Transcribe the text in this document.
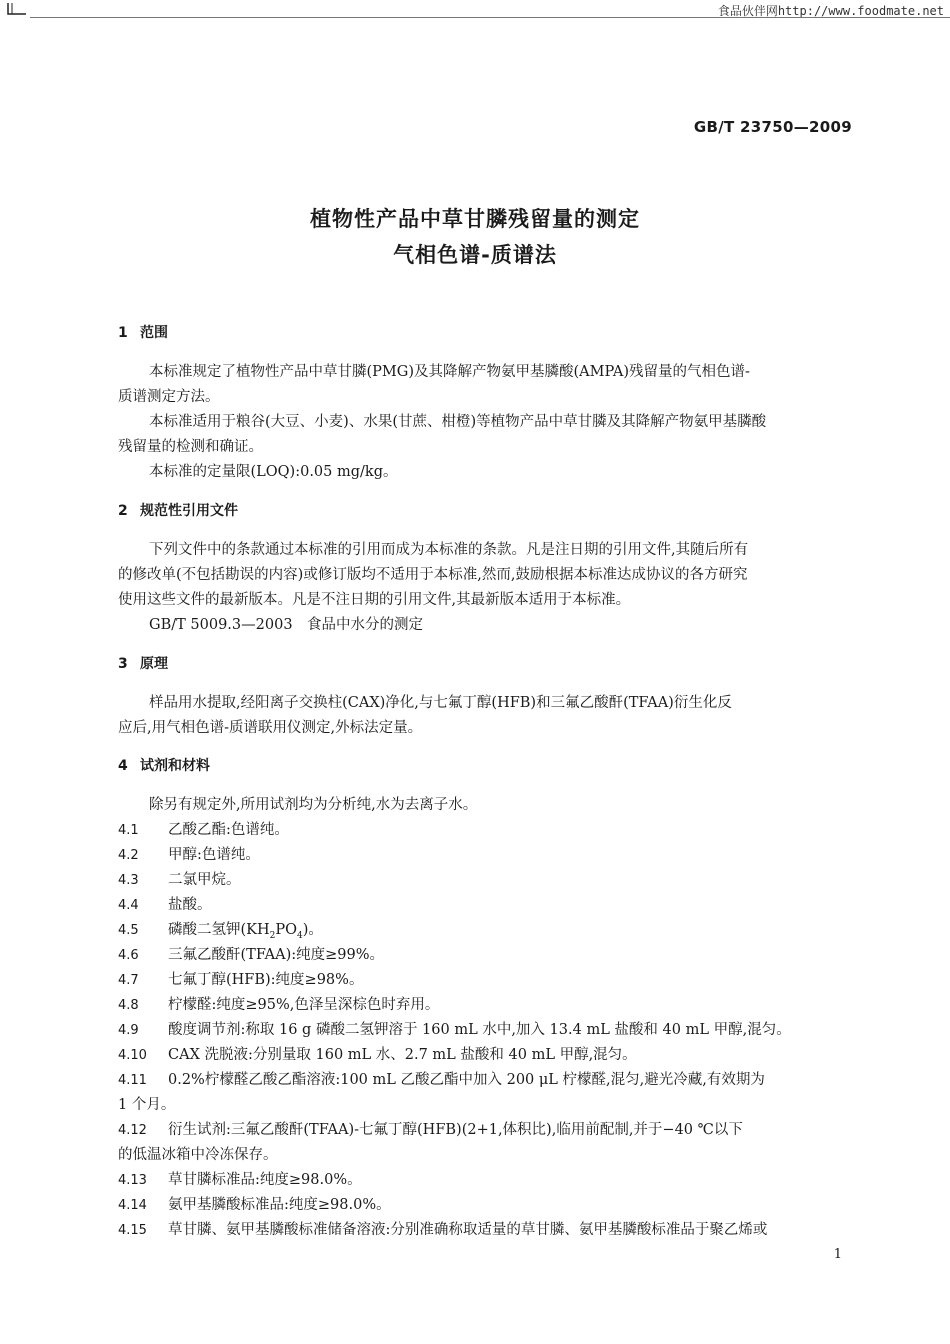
食品伙伴网http://www.foodmate.net
GB/T 23750—2009
植物性产品中草甘膦残留量的测定
气相色谱-质谱法
1 范围
本标准规定了植物性产品中草甘膦(PMG)及其降解产物氨甲基膦酸(AMPA)残留量的气相色谱-
质谱测定方法。
本标准适用于粮谷(大豆、小麦)、水果(甘蔗、柑橙)等植物产品中草甘膦及其降解产物氨甲基膦酸
残留量的检测和确证。
本标准的定量限(LOQ):0.05 mg/kg。
2 规范性引用文件
下列文件中的条款通过本标准的引用而成为本标准的条款。凡是注日期的引用文件,其随后所有
的修改单(不包括勘误的内容)或修订版均不适用于本标准,然而,鼓励根据本标准达成协议的各方研究
使用这些文件的最新版本。凡是不注日期的引用文件,其最新版本适用于本标准。
GB/T 5009.3—2003　食品中水分的测定
3 原理
样品用水提取,经阳离子交换柱(CAX)净化,与七氟丁醇(HFB)和三氟乙酸酐(TFAA)衍生化反
应后,用气相色谱-质谱联用仪测定,外标法定量。
4 试剂和材料
除另有规定外,所用试剂均为分析纯,水为去离子水。
4.1 乙酸乙酯:色谱纯。
4.2 甲醇:色谱纯。
4.3 二氯甲烷。
4.4 盐酸。
4.5 磷酸二氢钾$(KH_2PO_4)$。
4.6 三氟乙酸酐(TFAA):纯度≥99%。
4.7 七氟丁醇(HFB):纯度≥98%。
4.8 柠檬醛:纯度≥95%,色泽呈深棕色时弃用。
4.9 酸度调节剂:称取 16 g 磷酸二氢钾溶于 160 mL 水中,加入 13.4 mL 盐酸和 40 mL 甲醇,混匀。
4.10 CAX 洗脱液:分别量取 160 mL 水、2.7 mL 盐酸和 40 mL 甲醇,混匀。
4.11 0.2%柠檬醛乙酸乙酯溶液:100 mL 乙酸乙酯中加入 200 μL 柠檬醛,混匀,避光冷藏,有效期为
1 个月。
4.12 衍生试剂:三氟乙酸酐(TFAA)-七氟丁醇(HFB)(2+1,体积比),临用前配制,并于−40 ℃以下
的低温冰箱中冷冻保存。
4.13 草甘膦标准品:纯度≥98.0%。
4.14 氨甲基膦酸标准品:纯度≥98.0%。
4.15 草甘膦、氨甲基膦酸标准储备溶液:分别准确称取适量的草甘膦、氨甲基膦酸标准品于聚乙烯或
1
